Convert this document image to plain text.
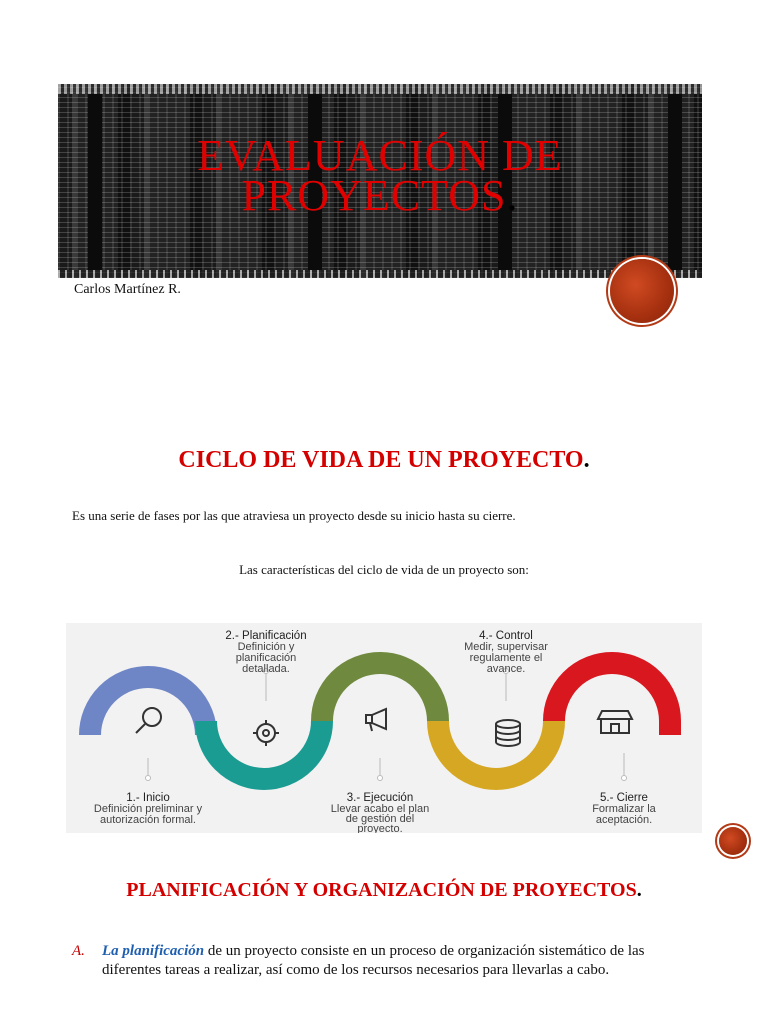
EVALUACIÓN DE
PROYECTOS.
Carlos Martínez R.
CICLO DE VIDA DE UN PROYECTO.
Es una serie de fases por las que atraviesa un proyecto desde su inicio hasta su cierre.
Las características del ciclo de vida de un proyecto son:
1.- Inicio
Definición preliminar y
autorización formal.
2.- Planificación
Definición y
planificación
detallada.
3.- Ejecución
Llevar acabo el plan
de gestión del
proyecto.
4.- Control
Medir, supervisar
regulamente el
avance.
5.- Cierre
Formalizar la
aceptación.
PLANIFICACIÓN Y ORGANIZACIÓN DE PROYECTOS.
A. La planificación de un proyecto consiste en un proceso de organización sistemático de las diferentes tareas a realizar, así como de los recursos necesarios para llevarlas a cabo.
